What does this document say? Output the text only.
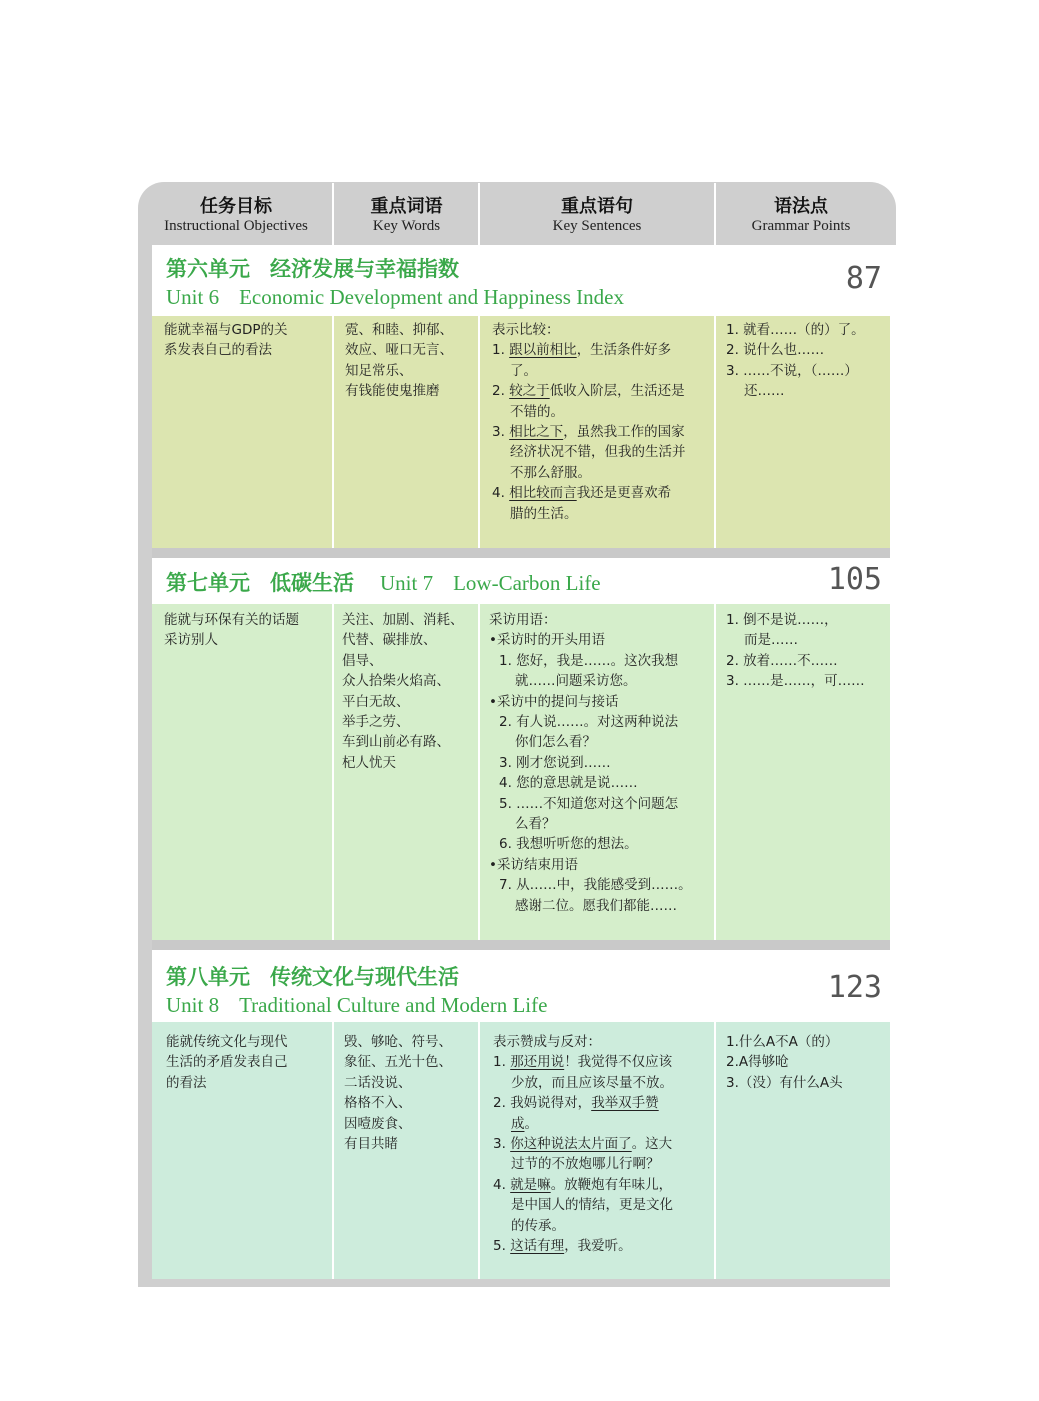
任务目标
Instructional Objectives
重点词语
Key Words
重点语句
Key Sentences
语法点
Grammar Points
第六单元 经济发展与幸福指数
Unit 6 Economic Development and Happiness Index
87
能就幸福与GDP的关
系发表自己的看法
霓、和睦、抑郁、
效应、哑口无言、
知足常乐、
有钱能使鬼推磨
表示比较：
1. 跟以前相比，生活条件好多
了。
2. 较之于低收入阶层，生活还是
不错的。
3. 相比之下，虽然我工作的国家
经济状况不错，但我的生活并
不那么舒服。
4. 相比较而言我还是更喜欢希
腊的生活。
1. 就看……（的）了。
2. 说什么也……
3. ……不说，（……）
还……
第七单元 低碳生活 Unit 7 Low-Carbon Life	105
能就与环保有关的话题
采访别人
关注、加剧、消耗、
代替、碳排放、
倡导、
众人拾柴火焰高、
平白无故、
举手之劳、
车到山前必有路、
杞人忧天
采访用语：
•采访时的开头用语
1. 您好，我是……。这次我想
就……问题采访您。
•采访中的提问与接话
2. 有人说……。对这两种说法
你们怎么看？
3. 刚才您说到……
4. 您的意思就是说……
5. ……不知道您对这个问题怎
么看？
6. 我想听听您的想法。
•采访结束用语
7. 从……中，我能感受到……。
感谢二位。愿我们都能……
1. 倒不是说……，
而是……
2. 放着……不……
3. ……是……，可……
第八单元 传统文化与现代生活
Unit 8 Traditional Culture and Modern Life	123
能就传统文化与现代
生活的矛盾发表自己
的看法
毁、够呛、符号、
象征、五光十色、
二话没说、
格格不入、
因噎废食、
有目共睹
表示赞成与反对：
1. 那还用说！我觉得不仅应该
少放，而且应该尽量不放。
2. 我妈说得对，我举双手赞
成。
3. 你这种说法太片面了。这大
过节的不放炮哪儿行啊？
4. 就是嘛。放鞭炮有年味儿，
是中国人的情结，更是文化
的传承。
5. 这话有理，我爱听。
1.什么A不A（的）
2.A得够呛
3.（没）有什么A头
